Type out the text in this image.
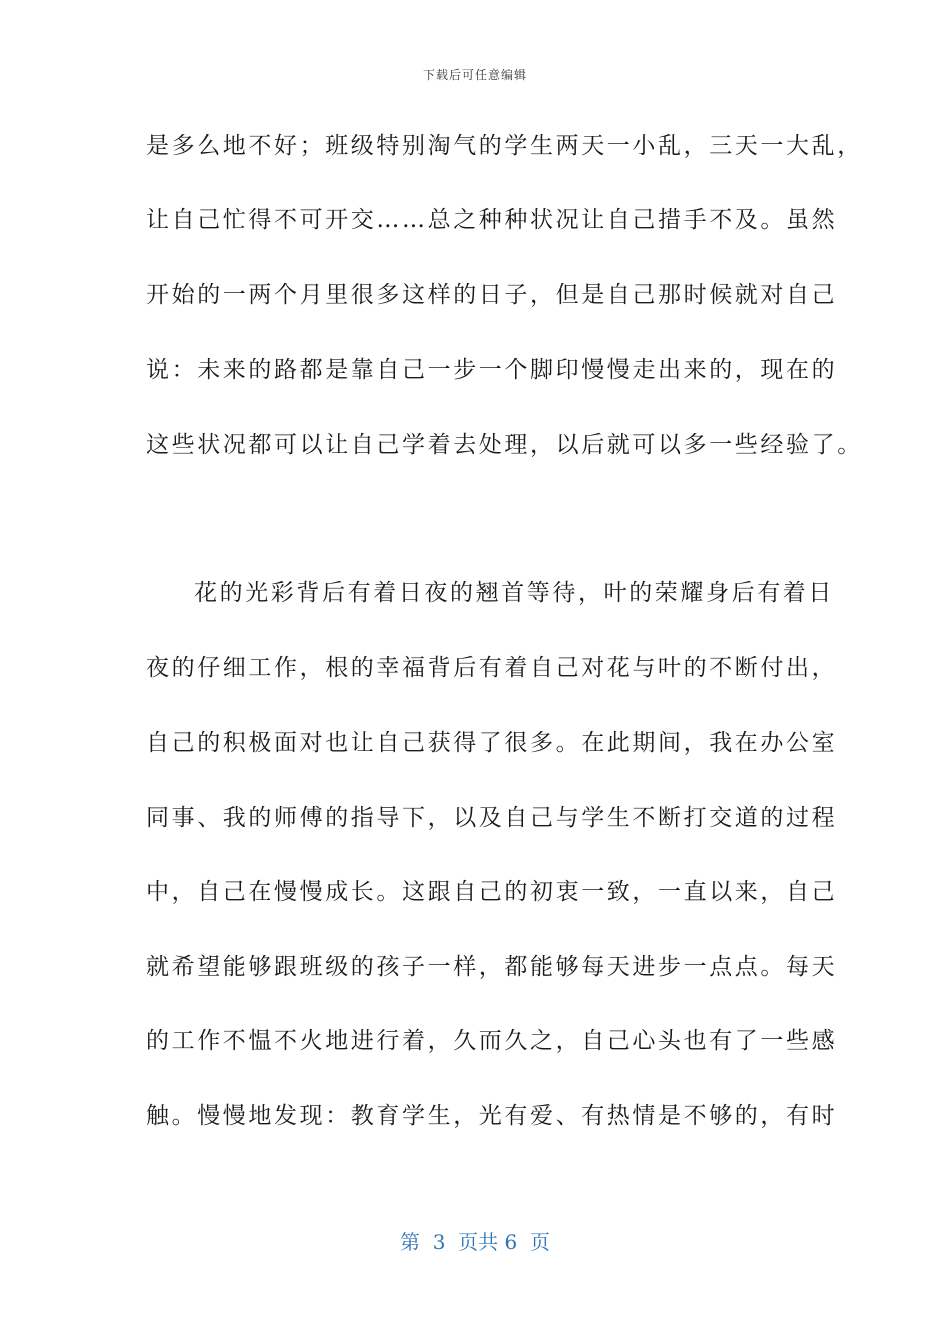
下载后可任意编辑
是多么地不好；班级特别淘气的学生两天一小乱，三天一大乱，
让自己忙得不可开交……总之种种状况让自己措手不及。虽然
开始的一两个月里很多这样的日子，但是自己那时候就对自己
说：未来的路都是靠自己一步一个脚印慢慢走出来的，现在的
这些状况都可以让自己学着去处理，以后就可以多一些经验了。
花的光彩背后有着日夜的翘首等待，叶的荣耀身后有着日
夜的仔细工作，根的幸福背后有着自己对花与叶的不断付出，
自己的积极面对也让自己获得了很多。在此期间，我在办公室
同事、我的师傅的指导下，以及自己与学生不断打交道的过程
中，自己在慢慢成长。这跟自己的初衷一致，一直以来，自己
就希望能够跟班级的孩子一样，都能够每天进步一点点。每天
的工作不愠不火地进行着，久而久之，自己心头也有了一些感
触。慢慢地发现：教育学生，光有爱、有热情是不够的，有时
第  3  页共 6  页
